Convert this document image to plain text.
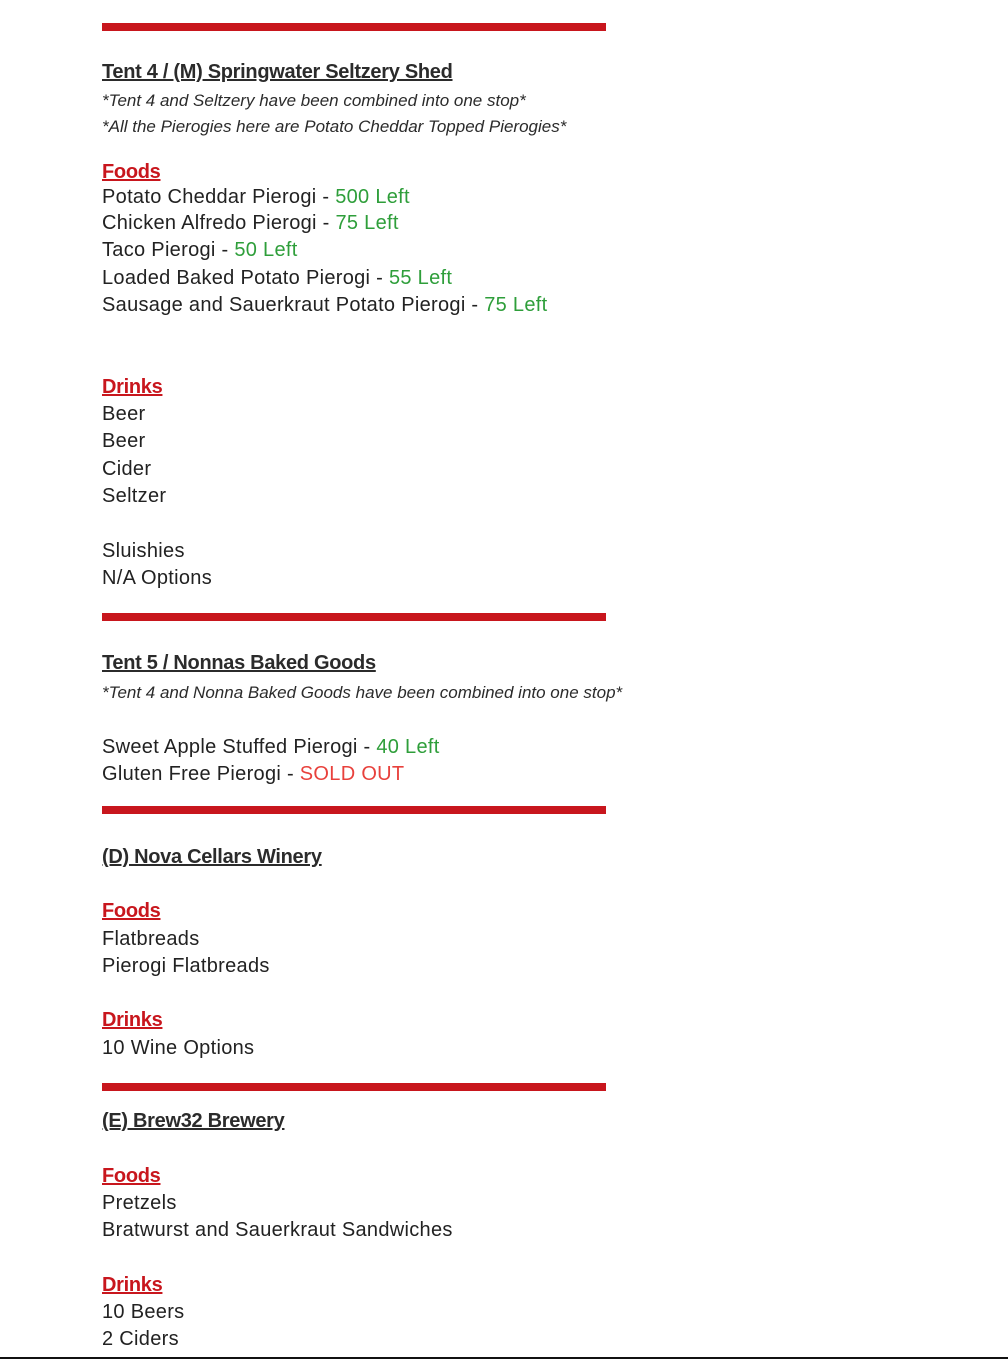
Tent 4 / (M) Springwater Seltzery Shed
*Tent 4 and Seltzery have been combined into one stop*
*All the Pierogies here are Potato Cheddar Topped Pierogies*
Foods
Potato Cheddar Pierogi - 500 Left
Chicken Alfredo Pierogi - 75 Left
Taco Pierogi - 50 Left
Loaded Baked Potato Pierogi - 55 Left
Sausage and Sauerkraut Potato Pierogi - 75 Left
Drinks
Beer
Beer
Cider
Seltzer
Sluishies
N/A Options
Tent 5 / Nonnas Baked Goods
*Tent 4 and Nonna Baked Goods have been combined into one stop*
Sweet Apple Stuffed Pierogi - 40 Left
Gluten Free Pierogi - SOLD OUT
(D) Nova Cellars Winery
Foods
Flatbreads
Pierogi Flatbreads
Drinks
10 Wine Options
(E) Brew32 Brewery
Foods
Pretzels
Bratwurst and Sauerkraut Sandwiches
Drinks
10 Beers
2 Ciders
